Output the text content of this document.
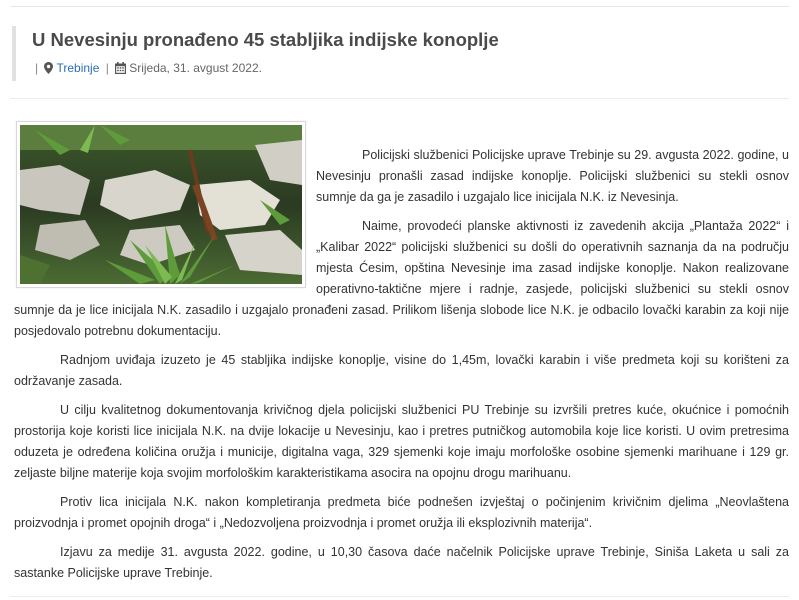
U Nevesinju pronađeno 45 stabljika indijske konoplje
| Trebinje | Srijeda, 31. avgust 2022.

Policijski službenici Policijske uprave Trebinje su 29. avgusta 2022. godine, u Nevesinju pronašli zasad indijske konoplje. Policijski službenici su stekli osnov sumnje da ga je zasadilo i uzgajalo lice inicijala N.K. iz Nevesinja.

Naime, provodeći planske aktivnosti iz zavedenih akcija „Plantaža 2022“ i „Kalibar 2022“ policijski službenici su došli do operativnih saznanja da na području mjesta Ćesim, opština Nevesinje ima zasad indijske konoplje. Nakon realizovane operativno-taktične mjere i radnje, zasjede, policijski službenici su stekli osnov sumnje da je lice inicijala N.K. zasadilo i uzgajalo pronađeni zasad. Prilikom lišenja slobode lice N.K. je odbacilo lovački karabin za koji nije posjedovalo potrebnu dokumentaciju.

Radnjom uviđaja izuzeto je 45 stabljika indijske konoplje, visine do 1,45m, lovački karabin i više predmeta koji su korišteni za održavanje zasada.

U cilju kvalitetnog dokumentovanja krivičnog djela policijski službenici PU Trebinje su izvršili pretres kuće, okućnice i pomoćnih prostorija koje koristi lice inicijala N.K. na dvije lokacije u Nevesinju, kao i pretres putničkog automobila koje lice koristi. U ovim pretresima oduzeta je određena količina oružja i municije, digitalna vaga, 329 sjemenki koje imaju morfološke osobine sjemenki marihuane i 129 gr. zeljaste biljne materije koja svojim morfološkim karakteristikama asocira na opojnu drogu marihuanu.

Protiv lica inicijala N.K. nakon kompletiranja predmeta biće podnešen izvještaj o počinjenim krivičnim djelima „Neovlaštena proizvodnja i promet opojnih droga“ i „Nedozvoljena proizvodnja i promet oružja ili eksplozivnih materija“.

Izjavu za medije 31. avgusta 2022. godine, u 10,30 časova daće načelnik Policijske uprave Trebinje, Siniša Laketa u sali za sastanke Policijske uprave Trebinje.
